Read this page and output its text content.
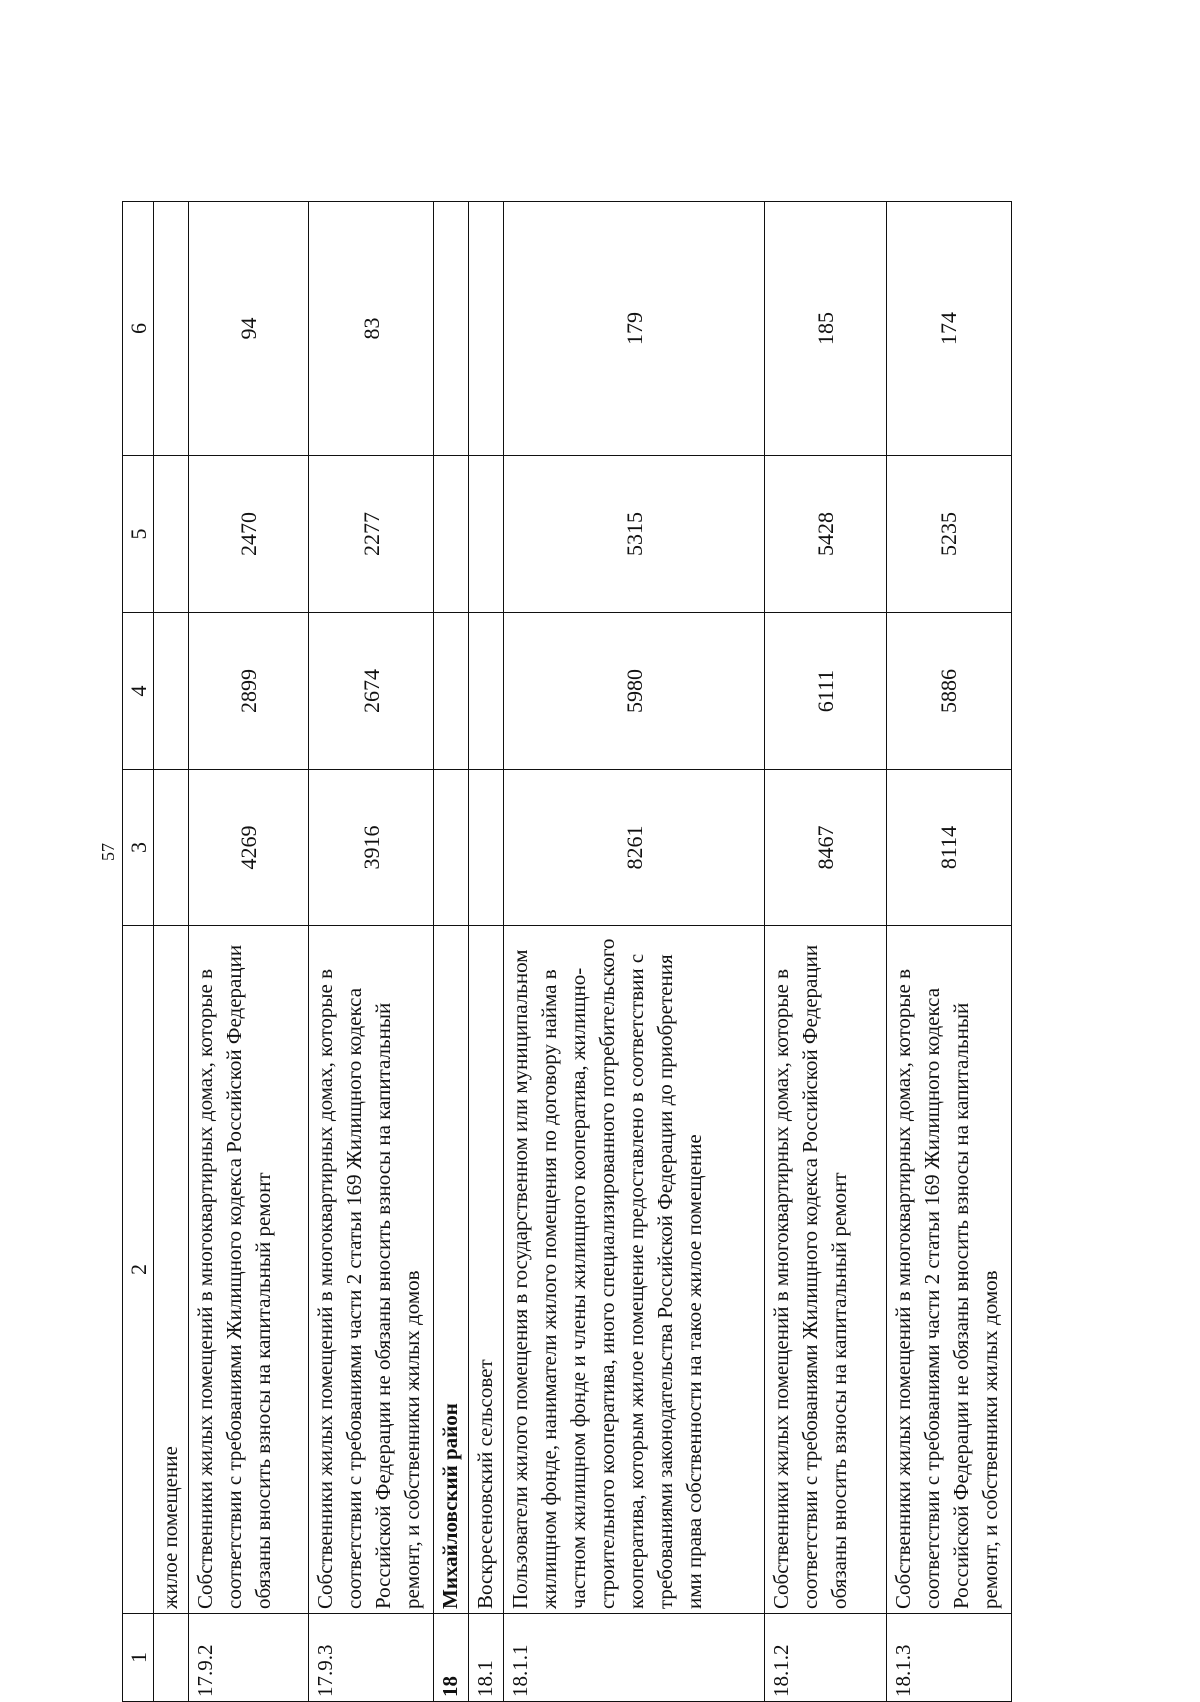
57
1	2	3	4	5	6
	жилое помещение				
17.9.2	Собственники жилых помещений в многоквартирных домах, которые в соответствии с требованиями Жилищного кодекса Российской Федерации обязаны вносить взносы на капитальный ремонт	4269	2899	2470	94
17.9.3	Собственники жилых помещений в многоквартирных домах, которые в соответствии с требованиями части 2 статьи 169 Жилищного кодекса Российской Федерации не обязаны вносить взносы на капитальный ремонт, и собственники жилых домов	3916	2674	2277	83
18	Михайловский район				
18.1	Воскресеновский сельсовет				
18.1.1	Пользователи жилого помещения в государственном или муниципальном жилищном фонде, наниматели жилого помещения по договору найма в частном жилищном фонде и члены жилищного кооператива, жилищно-строительного кооператива, иного специализированного потребительского кооператива, которым жилое помещение предоставлено в соответствии с требованиями законодательства Российской Федерации до приобретения ими права собственности на такое жилое помещение	8261	5980	5315	179
18.1.2	Собственники жилых помещений в многоквартирных домах, которые в соответствии с требованиями Жилищного кодекса Российской Федерации обязаны вносить взносы на капитальный ремонт	8467	6111	5428	185
18.1.3	Собственники жилых помещений в многоквартирных домах, которые в соответствии с требованиями части 2 статьи 169 Жилищного кодекса Российской Федерации не обязаны вносить взносы на капитальный ремонт, и собственники жилых домов	8114	5886	5235	174
